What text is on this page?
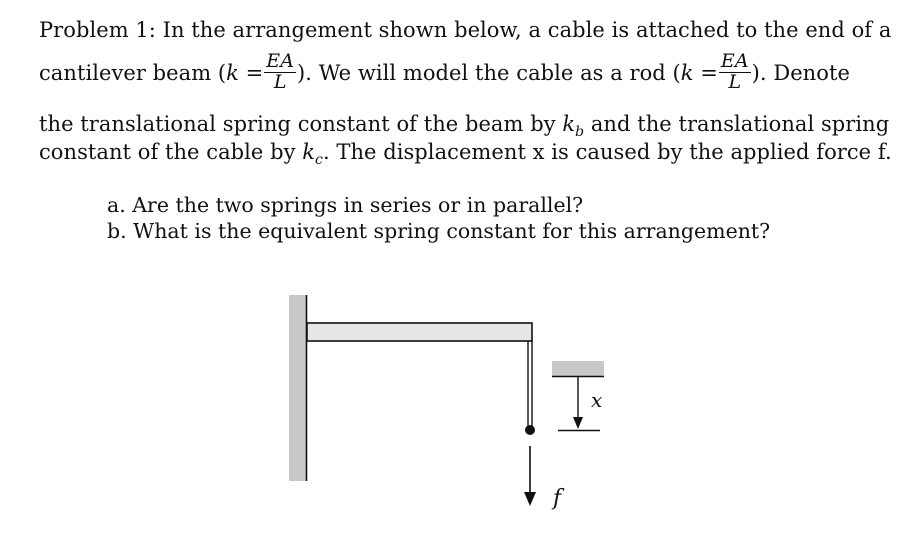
Problem 1: In the arrangement shown below, a cable is attached to the end of a
cantilever beam ($k = \frac{EA}{L}$ ). We will model the cable as a rod ($k = \frac{EA}{L}$ ). Denote
the translational spring constant of the beam by $k_b$ and the translational spring
constant of the cable by $k_c$. The displacement x is caused by the applied force f.
a. Are the two springs in series or in parallel?
b. What is the equivalent spring constant for this arrangement?
f
x
